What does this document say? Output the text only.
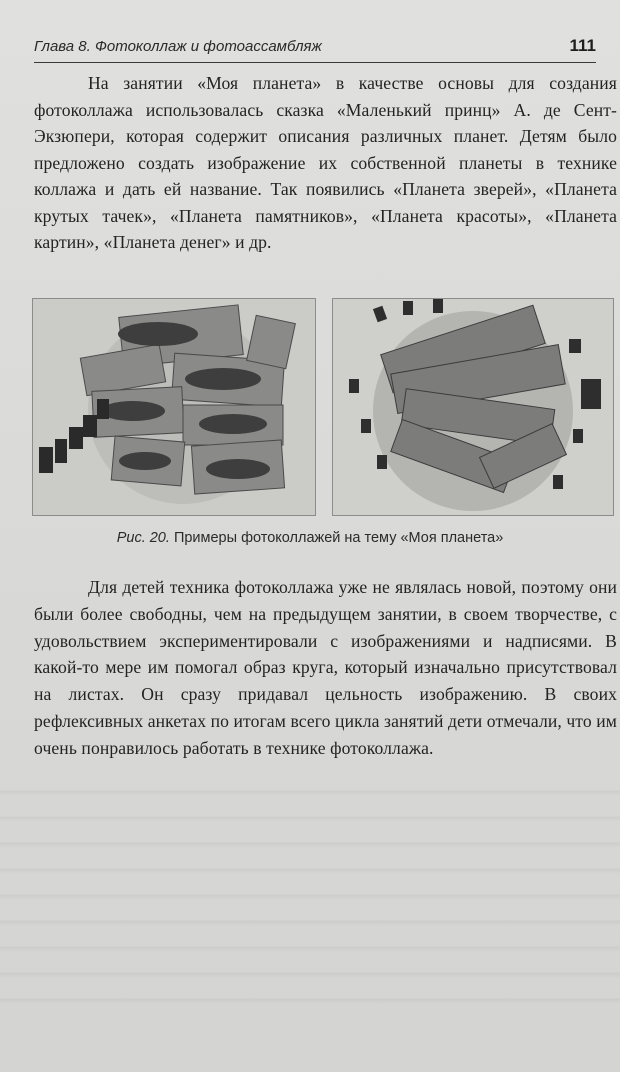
Глава 8. Фотоколлаж и фотоассамбляж	111

На занятии «Моя планета» в качестве основы для создания фотоколлажа использовалась сказка «Маленький принц» А. де Сент-Экзюпери, которая содержит описания различных планет. Детям было предложено создать изображение их собственной планеты в технике коллажа и дать ей название. Так появились «Планета зверей», «Планета крутых тачек», «Планета памятников», «Планета красоты», «Планета картин», «Планета денег» и др.

Рис. 20. Примеры фотоколлажей на тему «Моя планета»

Для детей техника фотоколлажа уже не являлась новой, поэтому они были более свободны, чем на предыдущем занятии, в своем творчестве, с удовольствием экспериментировали с изображениями и надписями. В какой-то мере им помогал образ круга, который изначально присутствовал на листах. Он сразу придавал цельность изображению. В своих рефлексивных анкетах по итогам всего цикла занятий дети отмечали, что им очень понравилось работать в технике фотоколлажа.
